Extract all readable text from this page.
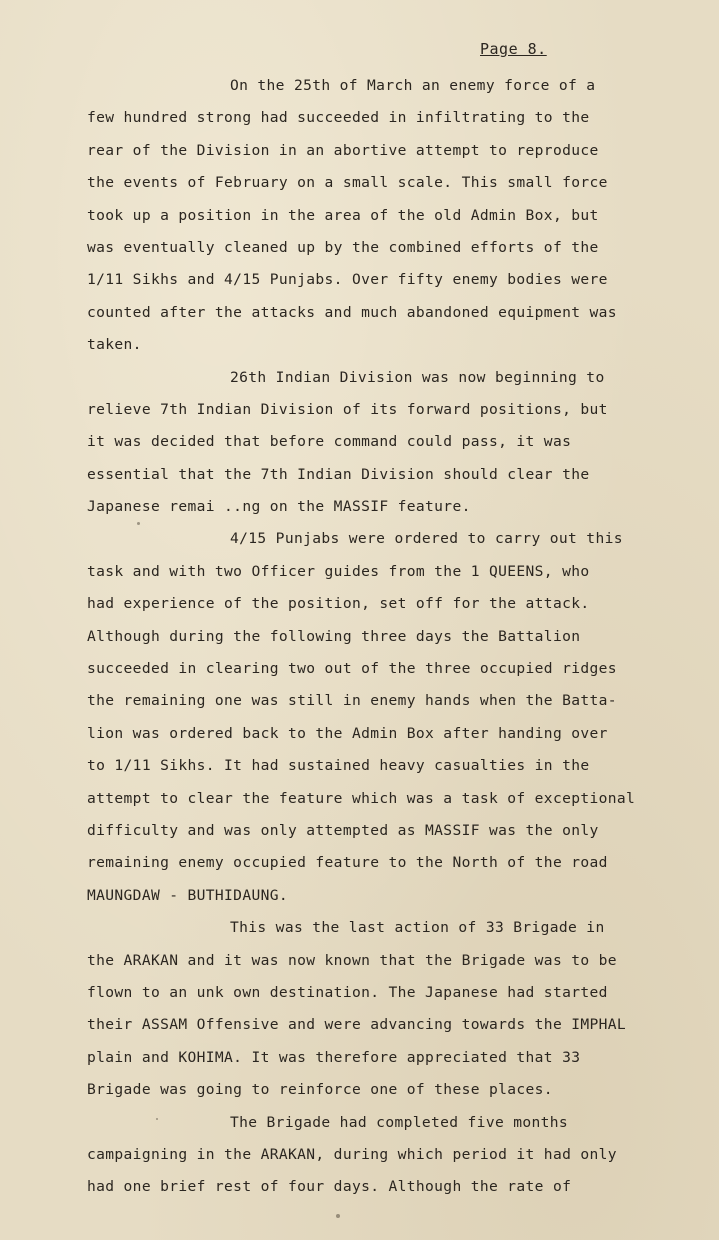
Page 8.
On the 25th of March an enemy force of a
few hundred strong had succeeded in infiltrating to the
rear of the Division in an abortive attempt to reproduce
the events of February on a small scale. This small force
took up a position in the area of the old Admin Box, but
was eventually cleaned up by the combined efforts of the
1/11 Sikhs and 4/15 Punjabs. Over fifty enemy bodies were
counted after the attacks and much abandoned equipment was
taken.
26th Indian Division was now beginning to
relieve 7th Indian Division of its forward positions, but
it was decided that before command could pass, it was
essential that the 7th Indian Division should clear the
Japanese remai ..ng on the MASSIF feature.
4/15 Punjabs were ordered to carry out this
task and with two Officer guides from the 1 QUEENS, who
had experience of the position, set off for the attack.
Although during the following three days the Battalion
succeeded in clearing two out of the three occupied ridges
the remaining one was still in enemy hands when the Batta-
lion was ordered back to the Admin Box after handing over
to 1/11 Sikhs. It had sustained heavy casualties in the
attempt to clear the feature which was a task of exceptional
difficulty and was only attempted as MASSIF was the only
remaining enemy occupied feature to the North of the road
MAUNGDAW - BUTHIDAUNG.
This was the last action of 33 Brigade in
the ARAKAN and it was now known that the Brigade was to be
flown to an unk own destination. The Japanese had started
their ASSAM Offensive and were advancing towards the IMPHAL
plain and KOHIMA. It was therefore appreciated that 33
Brigade was going to reinforce one of these places.
The Brigade had completed five months
campaigning in the ARAKAN, during which period it had only
had one brief rest of four days. Although the rate of
